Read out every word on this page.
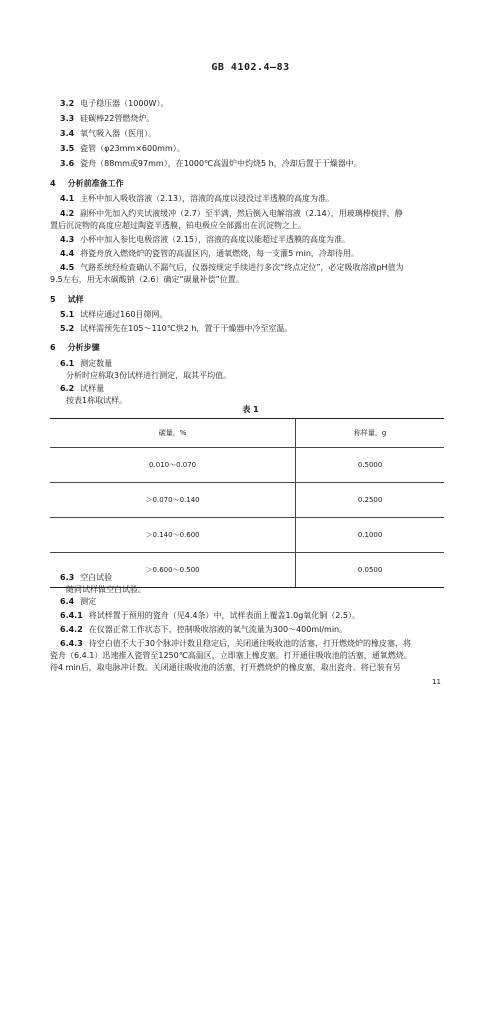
GB 4102.4—83
3.2 电子稳压器（1000W）。
3.3 硅碳棒22管燃烧炉。
3.4 氧气吸入器（医用）。
3.5 瓷管（φ23mm×600mm）。
3.6 瓷舟（88mm或97mm），在1000℃高温炉中灼烧5 h，冷却后置于干燥器中。
4 分析前准备工作
4.1 主杯中加入吸收溶液（2.13），溶液的高度以浸没过半透膜的高度为准。
4.2 副杯中先加入约夹试液缓冲（2.7）至半满，然后倒入电解溶液（2.14），用玻璃棒搅拌，静
置后沉淀物的高度应超过陶瓷半透膜，铂电极应全部露出在沉淀物之上。
4.3 小杯中加入参比电极溶液（2.15），溶液的高度以能超过半透膜的高度为准。
4.4 将瓷舟放入燃烧炉的瓷管的高温区内，通氧燃烧，每一支灌5 min，冷却待用。
4.5 气路系统经检查确认不漏气后，仪器按规定手续进行多次“终点定位”，必定吸收溶液pH值为
9.5左右，用无水碳酸钠（2.6）确定“碳量补偿”位置。
5 试样
5.1 试样应通过160目筛网。
5.2 试样需预先在105～110℃烘2 h，置于干燥器中冷至室温。
6 分析步骤
6.1 测定数量
分析时应称取3份试样进行测定，取其平均值。
6.2 试样量
按表1称取试样。
表 1
碳量，%	称样量，g
0.010～0.070	0.5000
＞0.070～0.140	0.2500
＞0.140～0.600	0.1000
＞0.600～0.500	0.0500
6.3 空白试验
随同试样做空白试验。
6.4 测定
6.4.1 将试样置于预用的瓷舟（见4.4条）中，试样表面上覆盖1.0g氧化铜（2.5）。
6.4.2 在仪器正常工作状态下，控制吸收溶液的氧气流量为300～400ml/min。
6.4.3 待空白值不大于30个脉冲计数且稳定后，关闭通往吸收池的活塞，打开燃烧炉的橡皮塞，将
瓷舟（6.4.1）迅速推入瓷管至1250℃高温区，立即塞上橡皮塞。打开通往吸收池的活塞，通氧燃烧。
待4 min后，取电脉冲计数。关闭通往吸收池的活塞，打开燃烧炉的橡皮塞，取出瓷舟。将已装有另
11
